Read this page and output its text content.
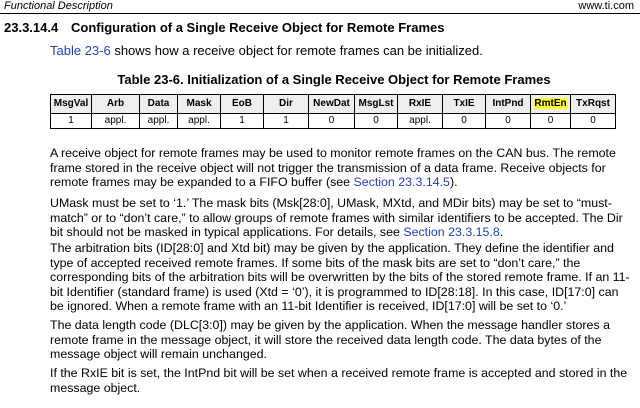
Functional Description	www.ti.com
23.3.14.4 Configuration of a Single Receive Object for Remote Frames
Table 23-6 shows how a receive object for remote frames can be initialized.
Table 23-6. Initialization of a Single Receive Object for Remote Frames
MsgVal	Arb	Data	Mask	EoB	Dir	NewDat	MsgLst	RxIE	TxIE	IntPnd	RmtEn	TxRqst
1	appl.	appl.	appl.	1	1	0	0	appl.	0	0	0	0
A receive object for remote frames may be used to monitor remote frames on the CAN bus. The remote
frame stored in the receive object will not trigger the transmission of a data frame. Receive objects for
remote frames may be expanded to a FIFO buffer (see Section 23.3.14.5).
UMask must be set to ‘1.’ The mask bits (Msk[28:0], UMask, MXtd, and MDir bits) may be set to “must-
match” or to “don’t care,” to allow groups of remote frames with similar identifiers to be accepted. The Dir
bit should not be masked in typical applications. For details, see Section 23.3.15.8.
The arbitration bits (ID[28:0] and Xtd bit) may be given by the application. They define the identifier and
type of accepted received remote frames. If some bits of the mask bits are set to “don’t care,” the
corresponding bits of the arbitration bits will be overwritten by the bits of the stored remote frame. If an 11-
bit Identifier (standard frame) is used (Xtd = ‘0’), it is programmed to ID[28:18]. In this case, ID[17:0] can
be ignored. When a remote frame with an 11-bit Identifier is received, ID[17:0] will be set to ‘0.’
The data length code (DLC[3:0]) may be given by the application. When the message handler stores a
remote frame in the message object, it will store the received data length code. The data bytes of the
message object will remain unchanged.
If the RxIE bit is set, the IntPnd bit will be set when a received remote frame is accepted and stored in the
message object.
